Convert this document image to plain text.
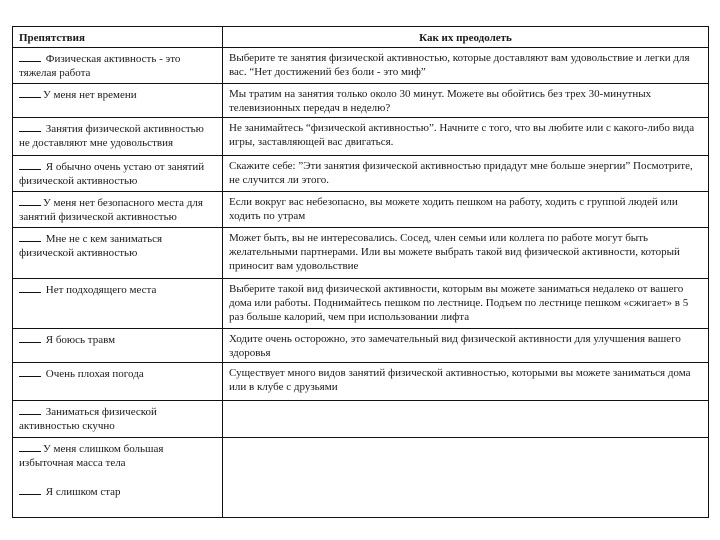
Препятствия	Как их преодолеть
Физическая активность - это тяжелая работа	Выберите те занятия физической активностью, которые доставляют вам удовольствие и легки для вас. “Нет достижений без боли - это миф”
У меня нет времени	Мы тратим на занятия только около 30 минут. Можете вы обойтись без трех 30-минутных телевизионных передач в неделю?
Занятия физической активностью не доставляют мне удовольствия	Не занимайтесь “физической активностью”. Начните с того, что вы любите или с какого-либо вида игры, заставляющей вас двигаться.
Я обычно очень устаю от занятий физической активностью	Скажите себе: ”Эти занятия физической активностью придадут мне больше энергии” Посмотрите, не случится ли этого.
У меня нет безопасного места для занятий физической активностью	Если вокруг вас небезопасно, вы можете ходить пешком на работу, ходить с группой людей или ходить по утрам
Мне не с кем заниматься физической активностью	Может быть, вы не интересовались. Сосед, член семьи или коллега по работе могут быть желательными партнерами. Или вы можете выбрать такой вид физической активности, который приносит вам удовольствие
Нет подходящего места	Выберите такой вид физической активности, которым вы можете заниматься недалеко от вашего дома или работы. Поднимайтесь пешком по лестнице. Подъем по лестнице пешком «сжигает» в 5 раз больше калорий, чем при использовании лифта
Я боюсь травм	Ходите очень осторожно, это замечательный вид физической активности для улучшения вашего здоровья
Очень плохая погода	Существует много видов занятий физической активностью, которыми вы можете заниматься дома или в клубе с друзьями
Заниматься физической активностью скучно	

У меня слишком большая избыточная масса тела
Я слишком стар	
